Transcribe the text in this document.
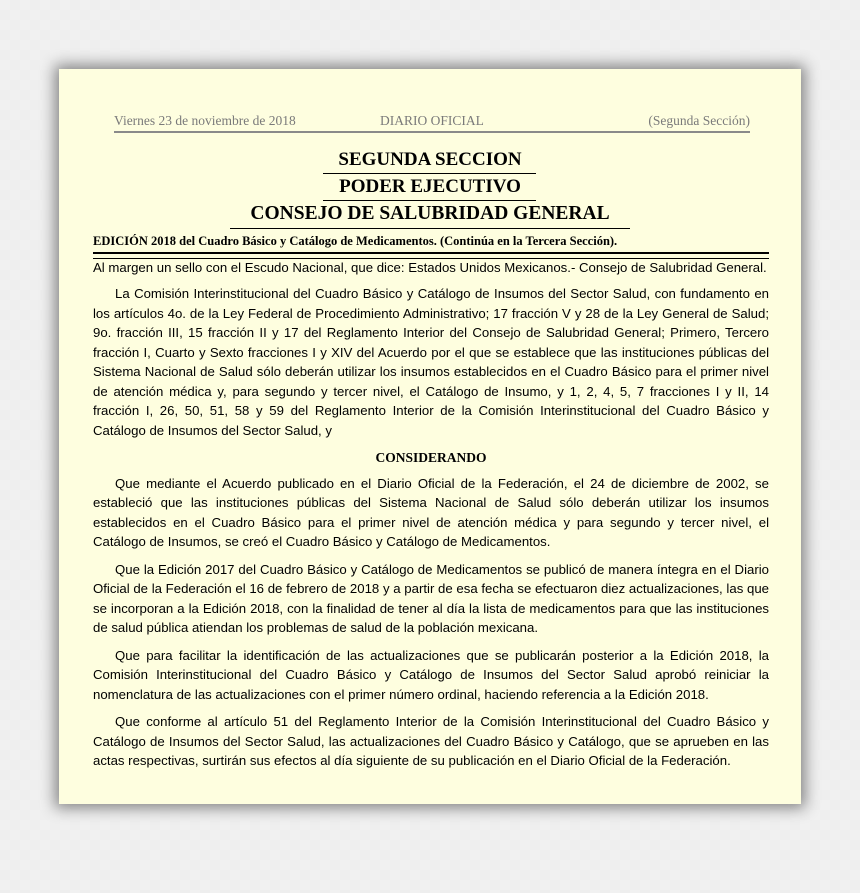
Viernes 23 de noviembre de 2018	DIARIO OFICIAL	(Segunda Sección)
SEGUNDA SECCION
PODER EJECUTIVO
CONSEJO DE SALUBRIDAD GENERAL
EDICIÓN 2018 del Cuadro Básico y Catálogo de Medicamentos. (Continúa en la Tercera Sección).

Al margen un sello con el Escudo Nacional, que dice: Estados Unidos Mexicanos.- Consejo de Salubridad General.

La Comisión Interinstitucional del Cuadro Básico y Catálogo de Insumos del Sector Salud, con fundamento en los artículos 4o. de la Ley Federal de Procedimiento Administrativo; 17 fracción V y 28 de la Ley General de Salud; 9o. fracción III, 15 fracción II y 17 del Reglamento Interior del Consejo de Salubridad General; Primero, Tercero fracción I, Cuarto y Sexto fracciones I y XIV del Acuerdo por el que se establece que las instituciones públicas del Sistema Nacional de Salud sólo deberán utilizar los insumos establecidos en el Cuadro Básico para el primer nivel de atención médica y, para segundo y tercer nivel, el Catálogo de Insumo, y 1, 2, 4, 5, 7 fracciones I y II, 14 fracción I, 26, 50, 51, 58 y 59 del Reglamento Interior de la Comisión Interinstitucional del Cuadro Básico y Catálogo de Insumos del Sector Salud, y

CONSIDERANDO

Que mediante el Acuerdo publicado en el Diario Oficial de la Federación, el 24 de diciembre de 2002, se estableció que las instituciones públicas del Sistema Nacional de Salud sólo deberán utilizar los insumos establecidos en el Cuadro Básico para el primer nivel de atención médica y para segundo y tercer nivel, el Catálogo de Insumos, se creó el Cuadro Básico y Catálogo de Medicamentos.

Que la Edición 2017 del Cuadro Básico y Catálogo de Medicamentos se publicó de manera íntegra en el Diario Oficial de la Federación el 16 de febrero de 2018 y a partir de esa fecha se efectuaron diez actualizaciones, las que se incorporan a la Edición 2018, con la finalidad de tener al día la lista de medicamentos para que las instituciones de salud pública atiendan los problemas de salud de la población mexicana.

Que para facilitar la identificación de las actualizaciones que se publicarán posterior a la Edición 2018, la Comisión Interinstitucional del Cuadro Básico y Catálogo de Insumos del Sector Salud aprobó reiniciar la nomenclatura de las actualizaciones con el primer número ordinal, haciendo referencia a la Edición 2018.

Que conforme al artículo 51 del Reglamento Interior de la Comisión Interinstitucional del Cuadro Básico y Catálogo de Insumos del Sector Salud, las actualizaciones del Cuadro Básico y Catálogo, que se aprueben en las actas respectivas, surtirán sus efectos al día siguiente de su publicación en el Diario Oficial de la Federación.
